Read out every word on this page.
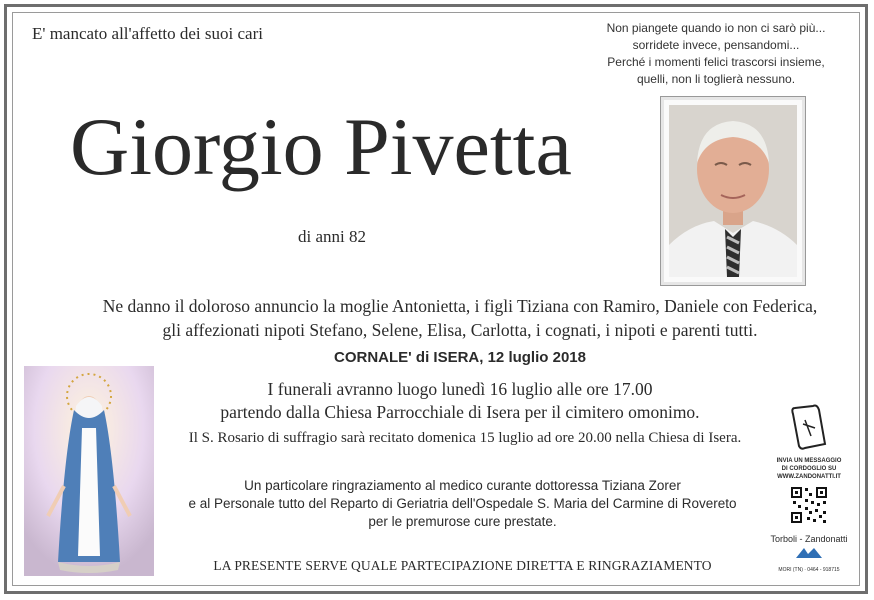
E' mancato all'affetto dei suoi cari	Non piangete quando io non ci sarò più...
sorridete invece, pensandomi...
Perché i momenti felici trascorsi insieme,
quelli, non li toglierà nessuno.
Giorgio Pivetta
di anni 82
Ne danno il doloroso annuncio la moglie Antonietta, i figli Tiziana con Ramiro, Daniele con Federica,
gli affezionati nipoti Stefano, Selene, Elisa, Carlotta, i cognati, i nipoti e parenti tutti.
CORNALE' di ISERA, 12 luglio 2018
I funerali avranno luogo lunedì 16 luglio alle ore 17.00
partendo dalla Chiesa Parrocchiale di Isera per il cimitero omonimo.
Il S. Rosario di suffragio sarà recitato domenica 15 luglio ad ore 20.00 nella Chiesa di Isera.
Un particolare ringraziamento al medico curante dottoressa Tiziana Zorer
e al Personale tutto del Reparto di Geriatria dell'Ospedale S. Maria del Carmine di Rovereto
per le premurose cure prestate.
LA PRESENTE SERVE QUALE PARTECIPAZIONE DIRETTA E RINGRAZIAMENTO
INVIA UN MESSAGGIO
DI CORDOGLIO SU
WWW.ZANDONATTI.IT
Torboli - Zandonatti
MORI (TN) · 0464 - 918715
